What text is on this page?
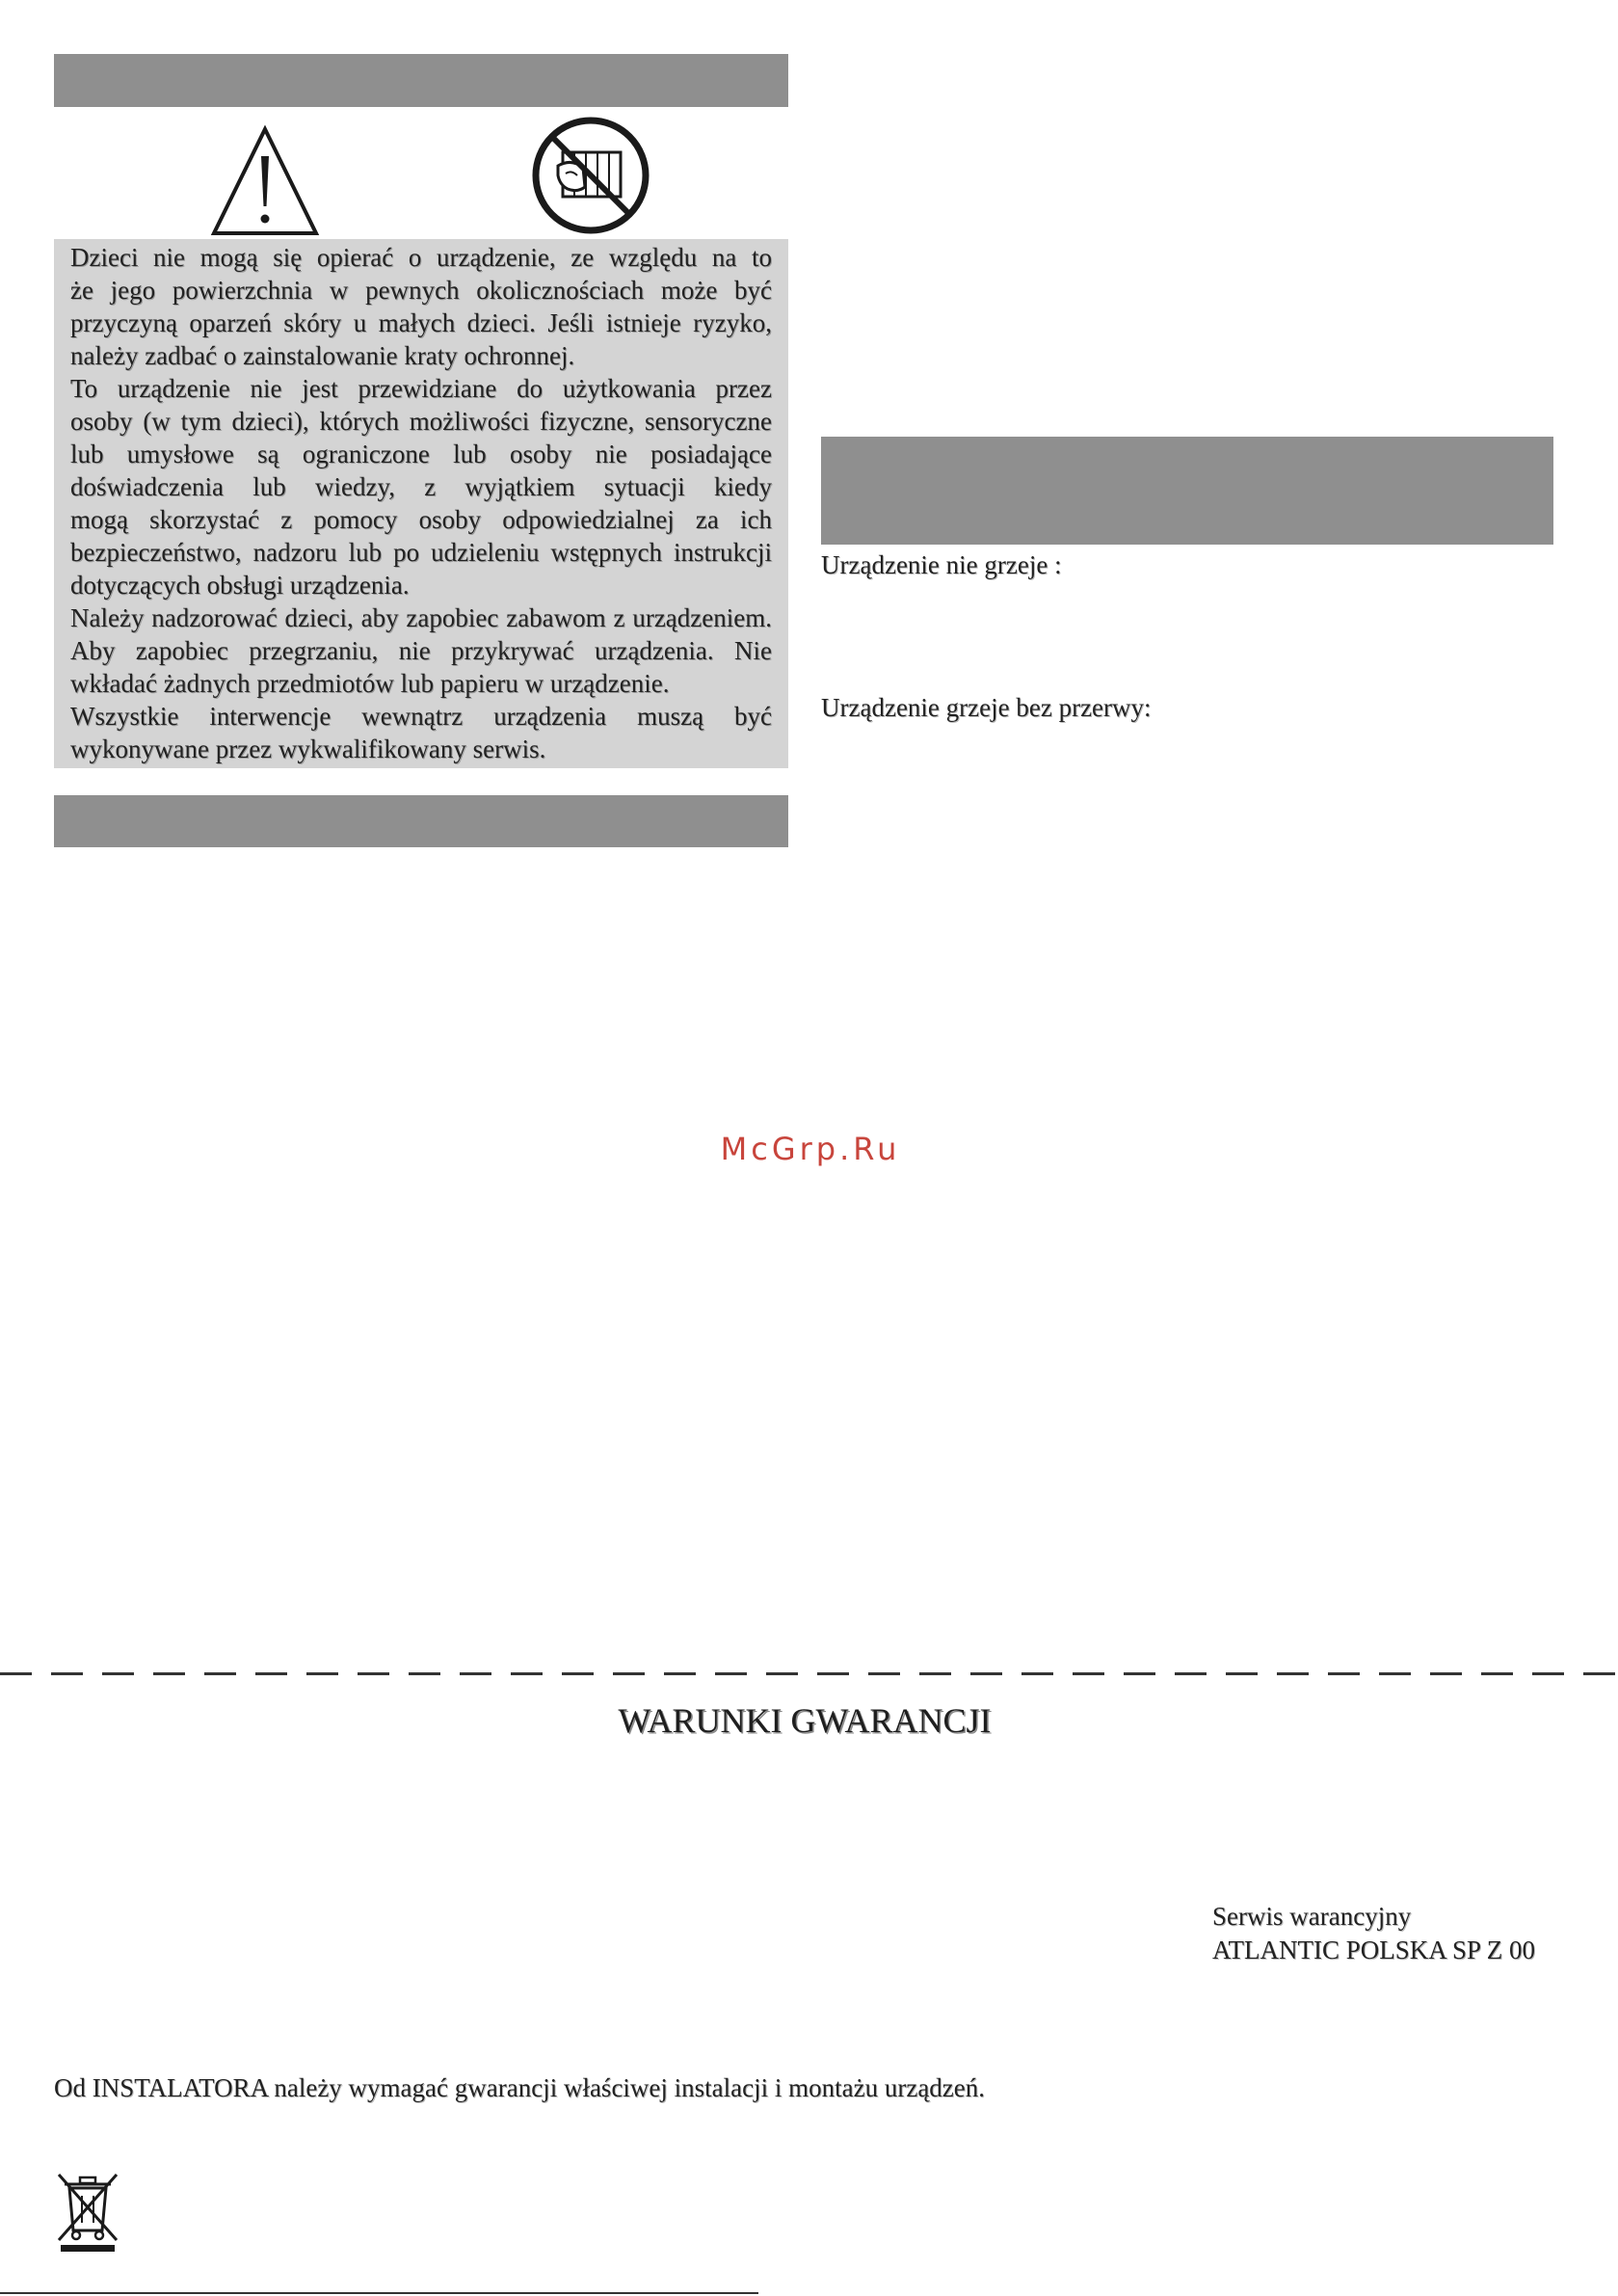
Dzieci nie mogą się opierać o urządzenie, ze względu na to
że jego powierzchnia w pewnych okolicznościach może być
przyczyną oparzeń skóry u małych dzieci. Jeśli istnieje ryzyko,
należy zadbać o zainstalowanie kraty ochronnej.
To urządzenie nie jest przewidziane do użytkowania przez
osoby (w tym dzieci), których możliwości fizyczne, sensoryczne
lub umysłowe są ograniczone lub osoby nie posiadające
doświadczenia lub wiedzy, z wyjątkiem sytuacji kiedy
mogą skorzystać z pomocy osoby odpowiedzialnej za ich
bezpieczeństwo, nadzoru lub po udzieleniu wstępnych instrukcji
dotyczących obsługi urządzenia.
Należy nadzorować dzieci, aby zapobiec zabawom z urządzeniem.
Aby zapobiec przegrzaniu, nie przykrywać urządzenia. Nie
wkładać żadnych przedmiotów lub papieru w urządzenie.
Wszystkie interwencje wewnątrz urządzenia muszą być
wykonywane przez wykwalifikowany serwis.
Urządzenie nie grzeje :
Urządzenie grzeje bez przerwy:
McGrp.Ru
WARUNKI GWARANCJI
Serwis warancyjny
ATLANTIC POLSKA SP Z 00
Od INSTALATORA należy wymagać gwarancji właściwej instalacji i montażu urządzeń.
